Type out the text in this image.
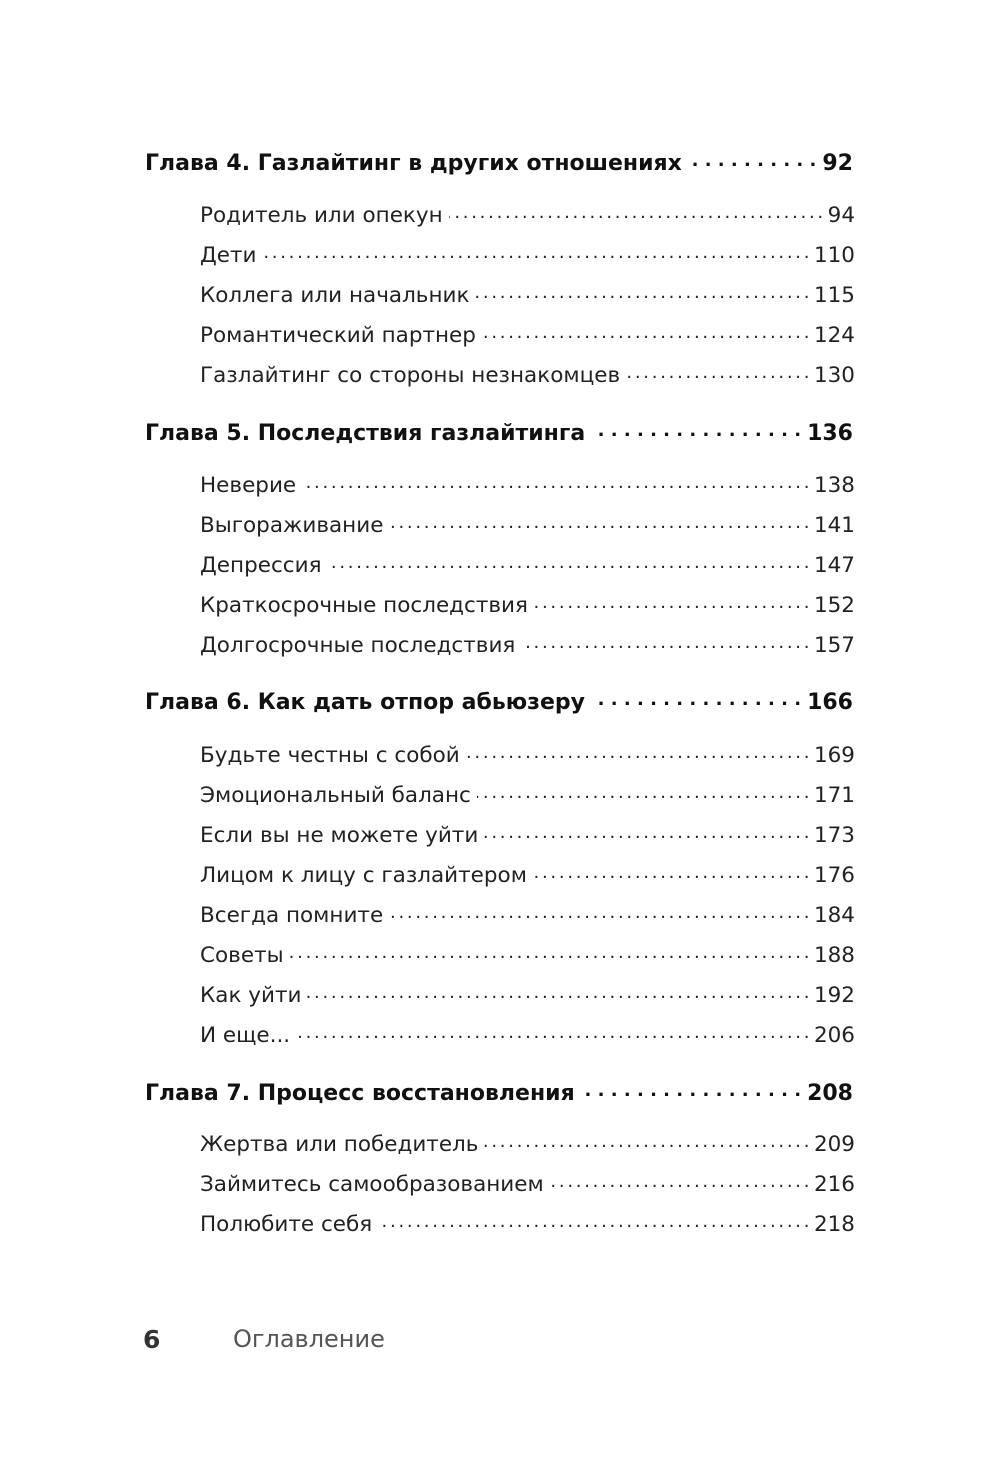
Глава 4. Газлайтинг в других отношениях . . .	92
Родитель или опекун . . .	94
Дети . . .	110
Коллега или начальник . . .	115
Романтический партнер . . .	124
Газлайтинг со стороны незнакомцев . . .	130
Глава 5. Последствия газлайтинга . . .	136
Неверие . . .	138
Выгораживание . . .	141
Депрессия . . .	147
Краткосрочные последствия . . .	152
Долгосрочные последствия . . .	157
Глава 6. Как дать отпор абьюзеру . . .	166
Будьте честны с собой . . .	169
Эмоциональный баланс . . .	171
Если вы не можете уйти . . .	173
Лицом к лицу с газлайтером . . .	176
Всегда помните . . .	184
Советы . . .	188
Как уйти . . .	192
И еще... . . .	206
Глава 7. Процесс восстановления . . .	208
Жертва или победитель . . .	209
Займитесь самообразованием . . .	216
Полюбите себя . . .	218
6	Оглавление
